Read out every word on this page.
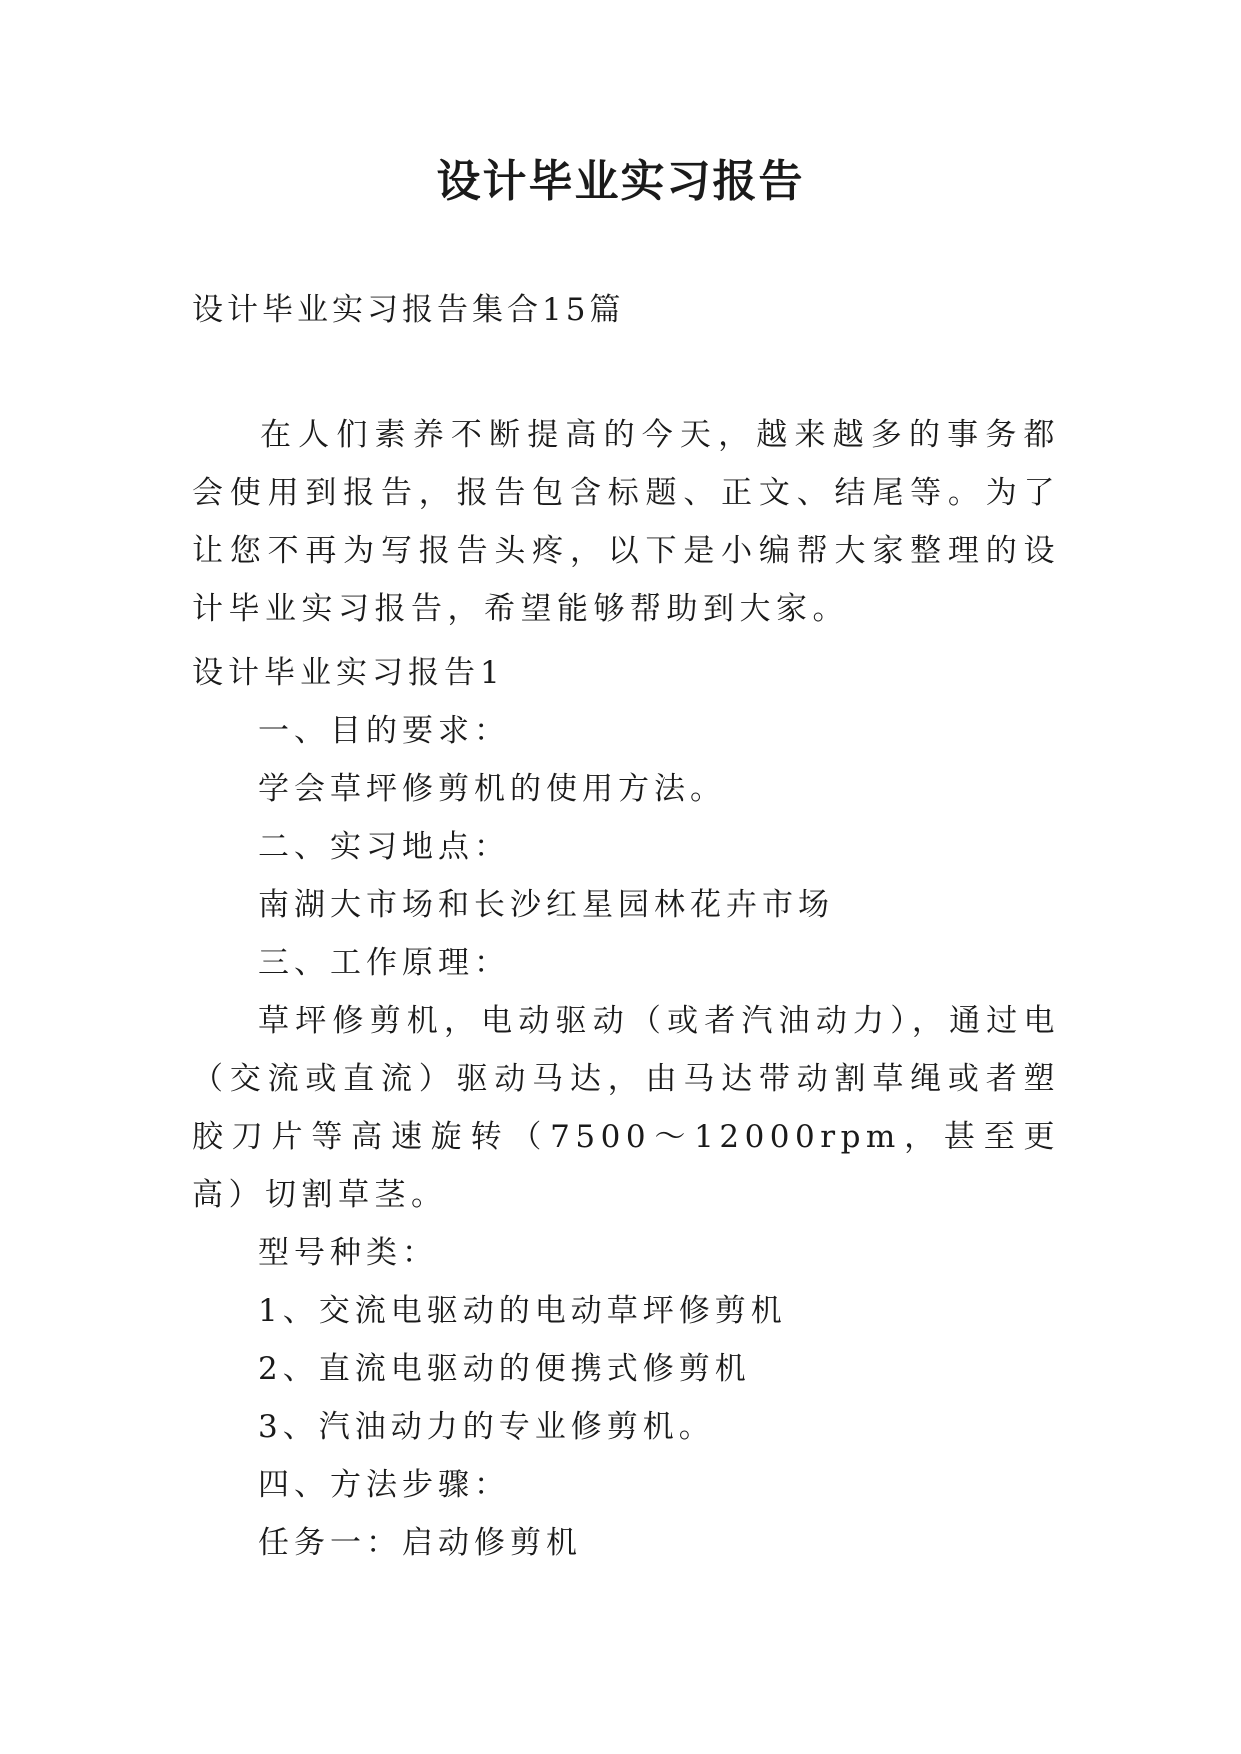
设计毕业实习报告
设计毕业实习报告集合15篇

在人们素养不断提高的今天，越来越多的事务都会使用到报告，报告包含标题、正文、结尾等。为了让您不再为写报告头疼，以下是小编帮大家整理的设计毕业实习报告，希望能够帮助到大家。

设计毕业实习报告1
一、目的要求：
学会草坪修剪机的使用方法。
二、实习地点：
南湖大市场和长沙红星园林花卉市场
三、工作原理：

草坪修剪机，电动驱动（或者汽油动力），通过电（交流或直流）驱动马达，由马达带动割草绳或者塑胶刀片等高速旋转（7500～12000rpm，甚至更高）切割草茎。

型号种类：
1、交流电驱动的电动草坪修剪机
2、直流电驱动的便携式修剪机
3、汽油动力的专业修剪机。
四、方法步骤：
任务一：启动修剪机
